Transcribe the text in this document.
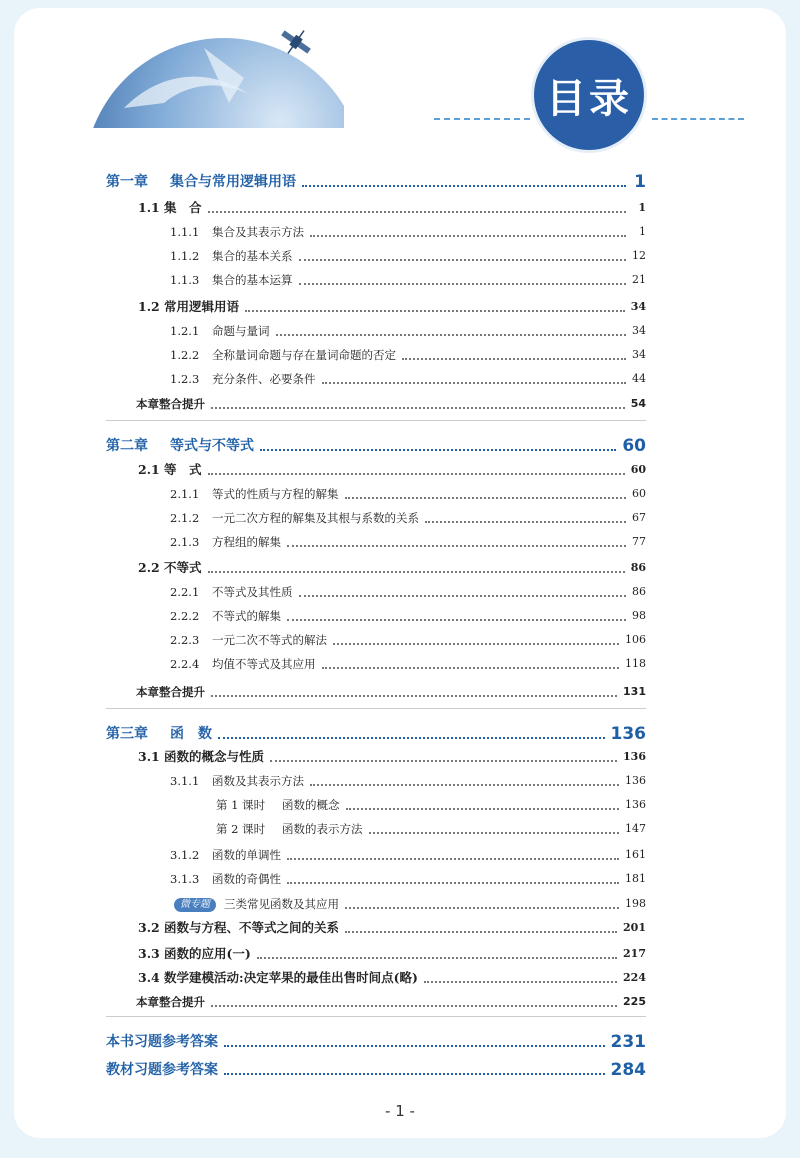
目录
第一章	集合与常用逻辑用语	1
1.1 集　合	1
1.1.1	集合及其表示方法	1
1.1.2	集合的基本关系	12
1.1.3	集合的基本运算	21
1.2 常用逻辑用语	34
1.2.1	命题与量词	34
1.2.2	全称量词命题与存在量词命题的否定	34
1.2.3	充分条件、必要条件	44
本章整合提升	54
第二章	等式与不等式	60
2.1 等　式	60
2.1.1	等式的性质与方程的解集	60
2.1.2	一元二次方程的解集及其根与系数的关系	67
2.1.3	方程组的解集	77
2.2 不等式	86
2.2.1	不等式及其性质	86
2.2.2	不等式的解集	98
2.2.3	一元二次不等式的解法	106
2.2.4	均值不等式及其应用	118
本章整合提升	131
第三章	函　数	136
3.1 函数的概念与性质	136
3.1.1	函数及其表示方法	136
第 1 课时	函数的概念	136
第 2 课时	函数的表示方法	147
3.1.2	函数的单调性	161
3.1.3	函数的奇偶性	181
微专题	三类常见函数及其应用	198
3.2 函数与方程、不等式之间的关系	201
3.3 函数的应用(一)	217
3.4 数学建模活动:决定苹果的最佳出售时间点(略)	224
本章整合提升	225
本书习题参考答案	231
教材习题参考答案	284
- 1 -
